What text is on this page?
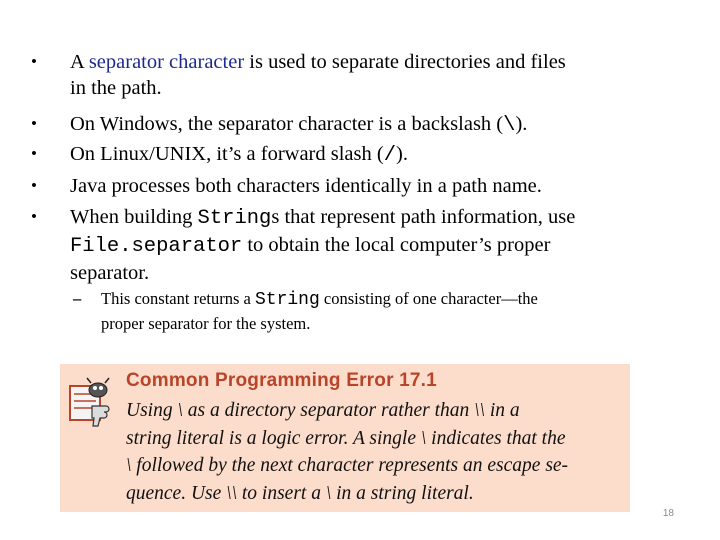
•	A separator character is used to separate directories and files
in the path.
•	On Windows, the separator character is a backslash (\).
•	On Linux/UNIX, it’s a forward slash (/).
•	Java processes both characters identically in a path name.
•	When building Strings that represent path information, use
File.separator to obtain the local computer’s proper
separator.
– This constant returns a String consisting of one character—the
proper separator for the system.
Common Programming Error 17.1
Using \ as a directory separator rather than \\ in a
string literal is a logic error. A single \ indicates that the
\ followed by the next character represents an escape se-
quence. Use \\ to insert a \ in a string literal.
18
